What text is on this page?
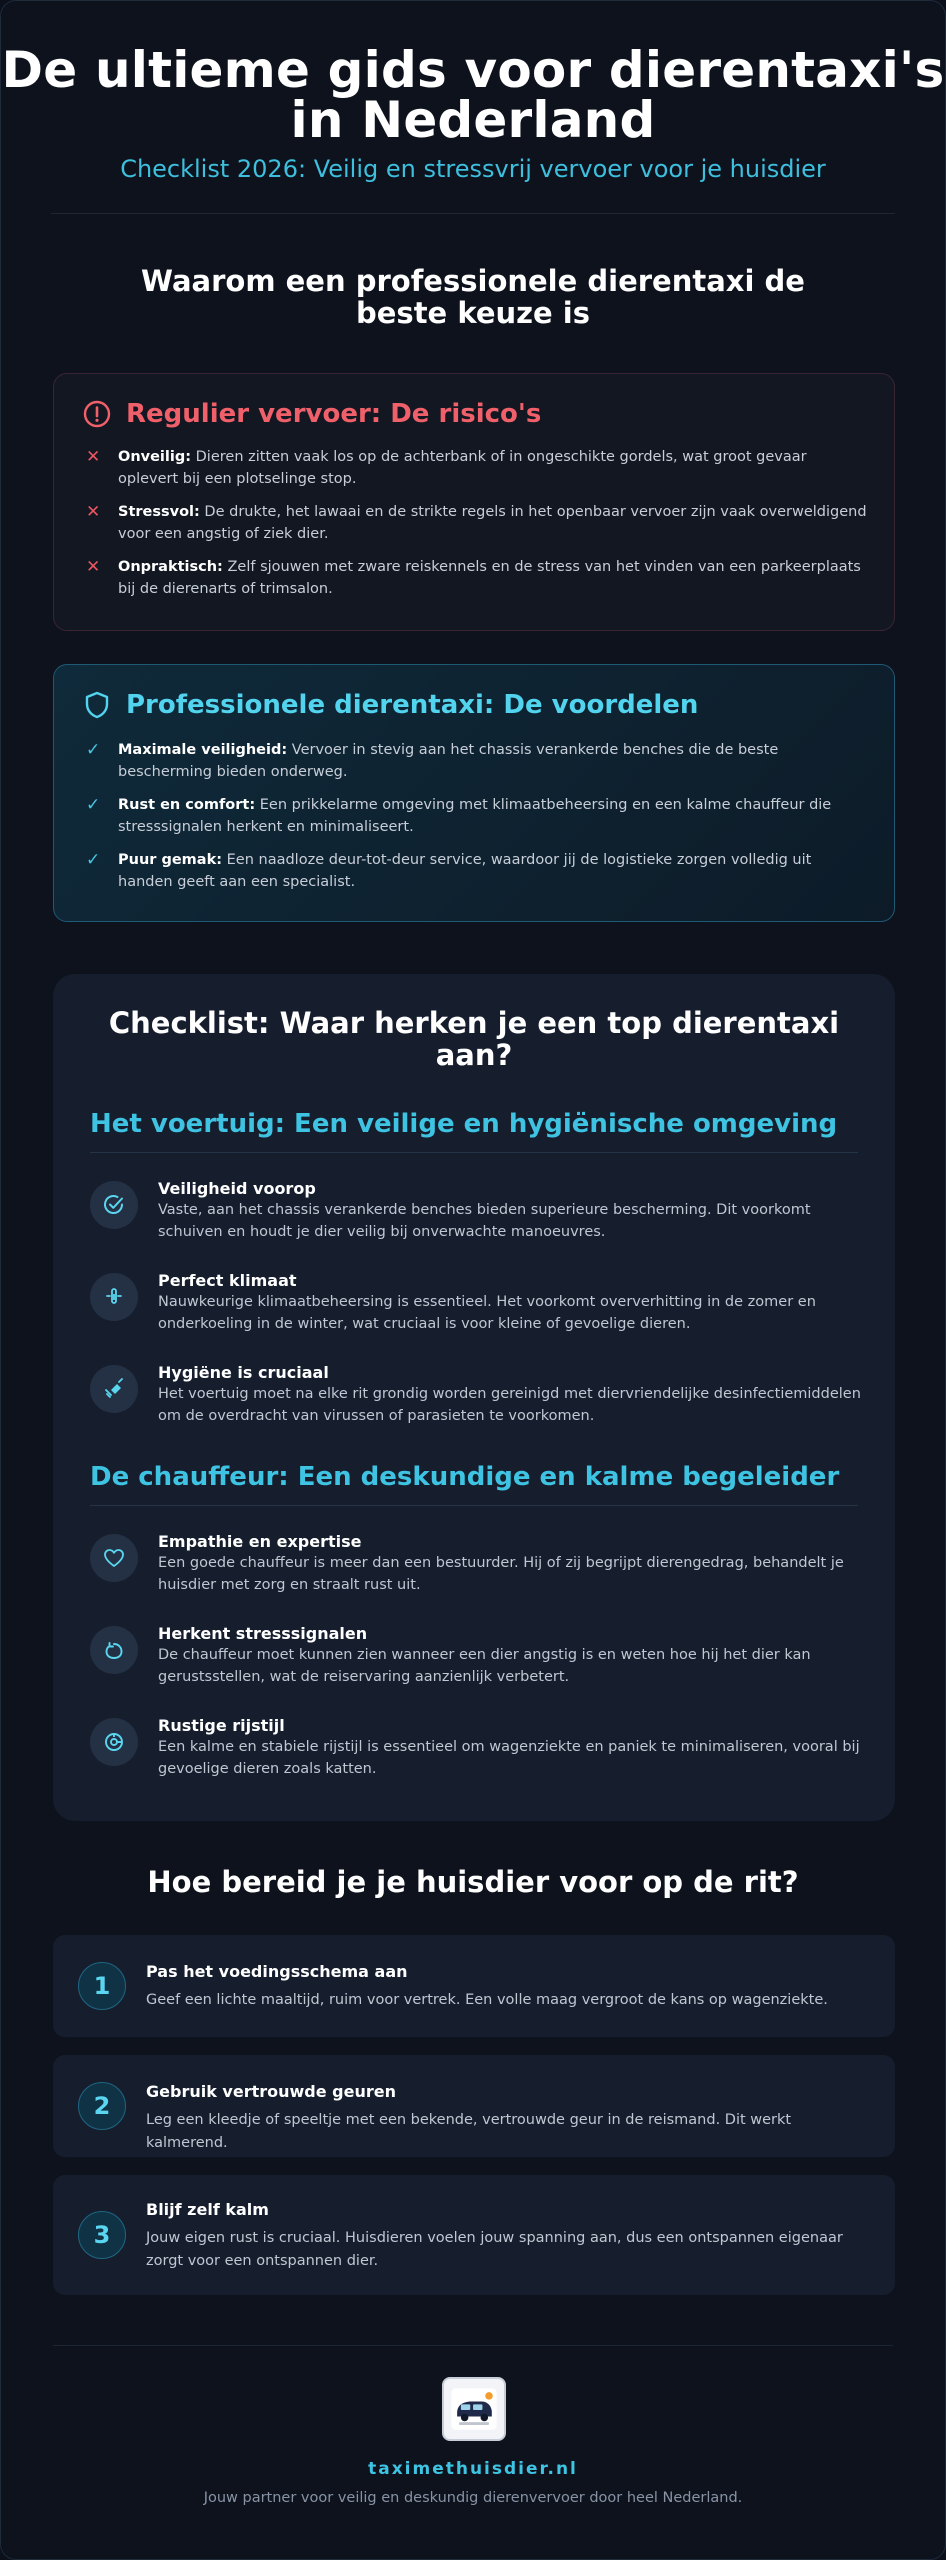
De ultieme gids voor dierentaxi's in Nederland
Checklist 2026: Veilig en stressvrij vervoer voor je huisdier
Waarom een professionele dierentaxi de beste keuze is
Regulier vervoer: De risico's
✕	Onveilig: Dieren zitten vaak los op de achterbank of in ongeschikte gordels, wat groot gevaar oplevert bij een plotselinge stop.
✕	Stressvol: De drukte, het lawaai en de strikte regels in het openbaar vervoer zijn vaak overweldigend voor een angstig of ziek dier.
✕	Onpraktisch: Zelf sjouwen met zware reiskennels en de stress van het vinden van een parkeerplaats bij de dierenarts of trimsalon.
Professionele dierentaxi: De voordelen
✓	Maximale veiligheid: Vervoer in stevig aan het chassis verankerde benches die de beste bescherming bieden onderweg.
✓	Rust en comfort: Een prikkelarme omgeving met klimaatbeheersing en een kalme chauffeur die stresssignalen herkent en minimaliseert.
✓	Puur gemak: Een naadloze deur-tot-deur service, waardoor jij de logistieke zorgen volledig uit handen geeft aan een specialist.
Checklist: Waar herken je een top dierentaxi aan?
Het voertuig: Een veilige en hygiënische omgeving
Veiligheid voorop

Vaste, aan het chassis verankerde benches bieden superieure bescherming. Dit voorkomt schuiven en houdt je dier veilig bij onverwachte manoeuvres.

Perfect klimaat

Nauwkeurige klimaatbeheersing is essentieel. Het voorkomt oververhitting in de zomer en onderkoeling in de winter, wat cruciaal is voor kleine of gevoelige dieren.

Hygiëne is cruciaal

Het voertuig moet na elke rit grondig worden gereinigd met diervriendelijke desinfectiemiddelen om de overdracht van virussen of parasieten te voorkomen.

De chauffeur: Een deskundige en kalme begeleider
Empathie en expertise

Een goede chauffeur is meer dan een bestuurder. Hij of zij begrijpt dierengedrag, behandelt je huisdier met zorg en straalt rust uit.

Herkent stresssignalen

De chauffeur moet kunnen zien wanneer een dier angstig is en weten hoe hij het dier kan gerustsstellen, wat de reiservaring aanzienlijk verbetert.

Rustige rijstijl

Een kalme en stabiele rijstijl is essentieel om wagenziekte en paniek te minimaliseren, vooral bij gevoelige dieren zoals katten.

Hoe bereid je je huisdier voor op de rit?
1
Pas het voedingsschema aan

Geef een lichte maaltijd, ruim voor vertrek. Een volle maag vergroot de kans op wagenziekte.

2
Gebruik vertrouwde geuren

Leg een kleedje of speeltje met een bekende, vertrouwde geur in de reismand. Dit werkt kalmerend.

3
Blijf zelf kalm

Jouw eigen rust is cruciaal. Huisdieren voelen jouw spanning aan, dus een ontspannen eigenaar zorgt voor een ontspannen dier.

taximethuisdier.nl
Jouw partner voor veilig en deskundig dierenvervoer door heel Nederland.
